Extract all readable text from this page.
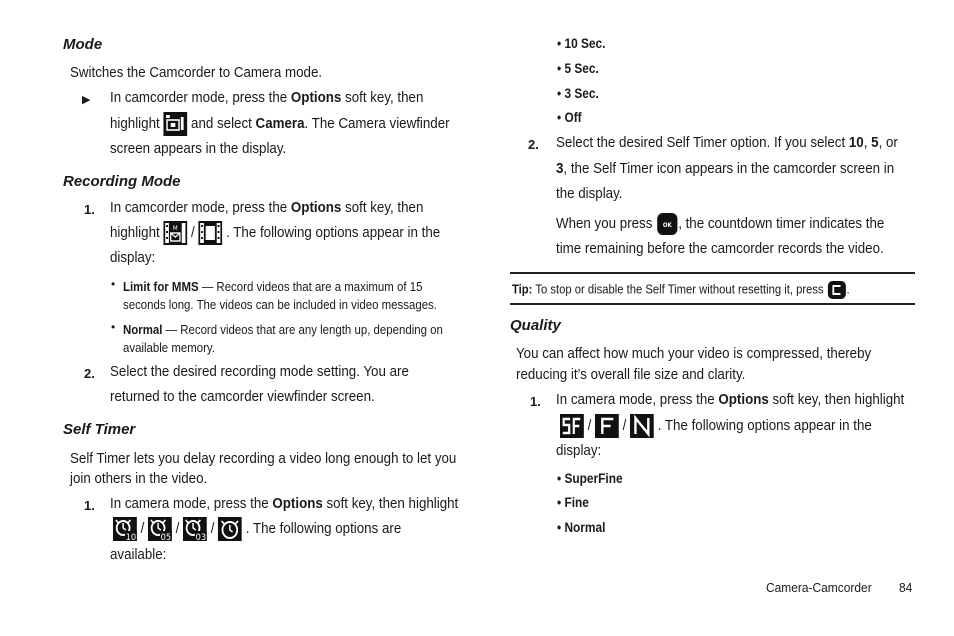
Mode
Switches the Camcorder to Camera mode.
▶ In camcorder mode, press the Options soft key, then
highlight and select Camera. The Camera viewfinder
screen appears in the display.
Recording Mode
1. In camcorder mode, press the Options soft key, then
highlight M / . The following options appear in the
display:
• Limit for MMS — Record videos that are a maximum of 15
seconds long. The videos can be included in video messages.
• Normal — Record videos that are any length up, depending on
available memory.
2. Select the desired recording mode setting. You are
returned to the camcorder viewfinder screen.
Self Timer
Self Timer lets you delay recording a video long enough to let you
join others in the video.
1. In camera mode, press the Options soft key, then highlight
10
/
05
/
03
/ . The following options are
available:
• 10 Sec.
• 5 Sec.
• 3 Sec.
• Off
2. Select the desired Self Timer option. If you select 10, 5, or
3, the Self Timer icon appears in the camcorder screen in
the display.
When you press OK , the countdown timer indicates the
time remaining before the camcorder records the video.
Tip: To stop or disable the Self Timer without resetting it, press .
Quality
You can affect how much your video is compressed, thereby
reducing it’s overall file size and clarity.
1. In camera mode, press the Options soft key, then highlight
/ / . The following options appear in the
display:
• SuperFine
• Fine
• Normal
Camera-Camcorder 84
